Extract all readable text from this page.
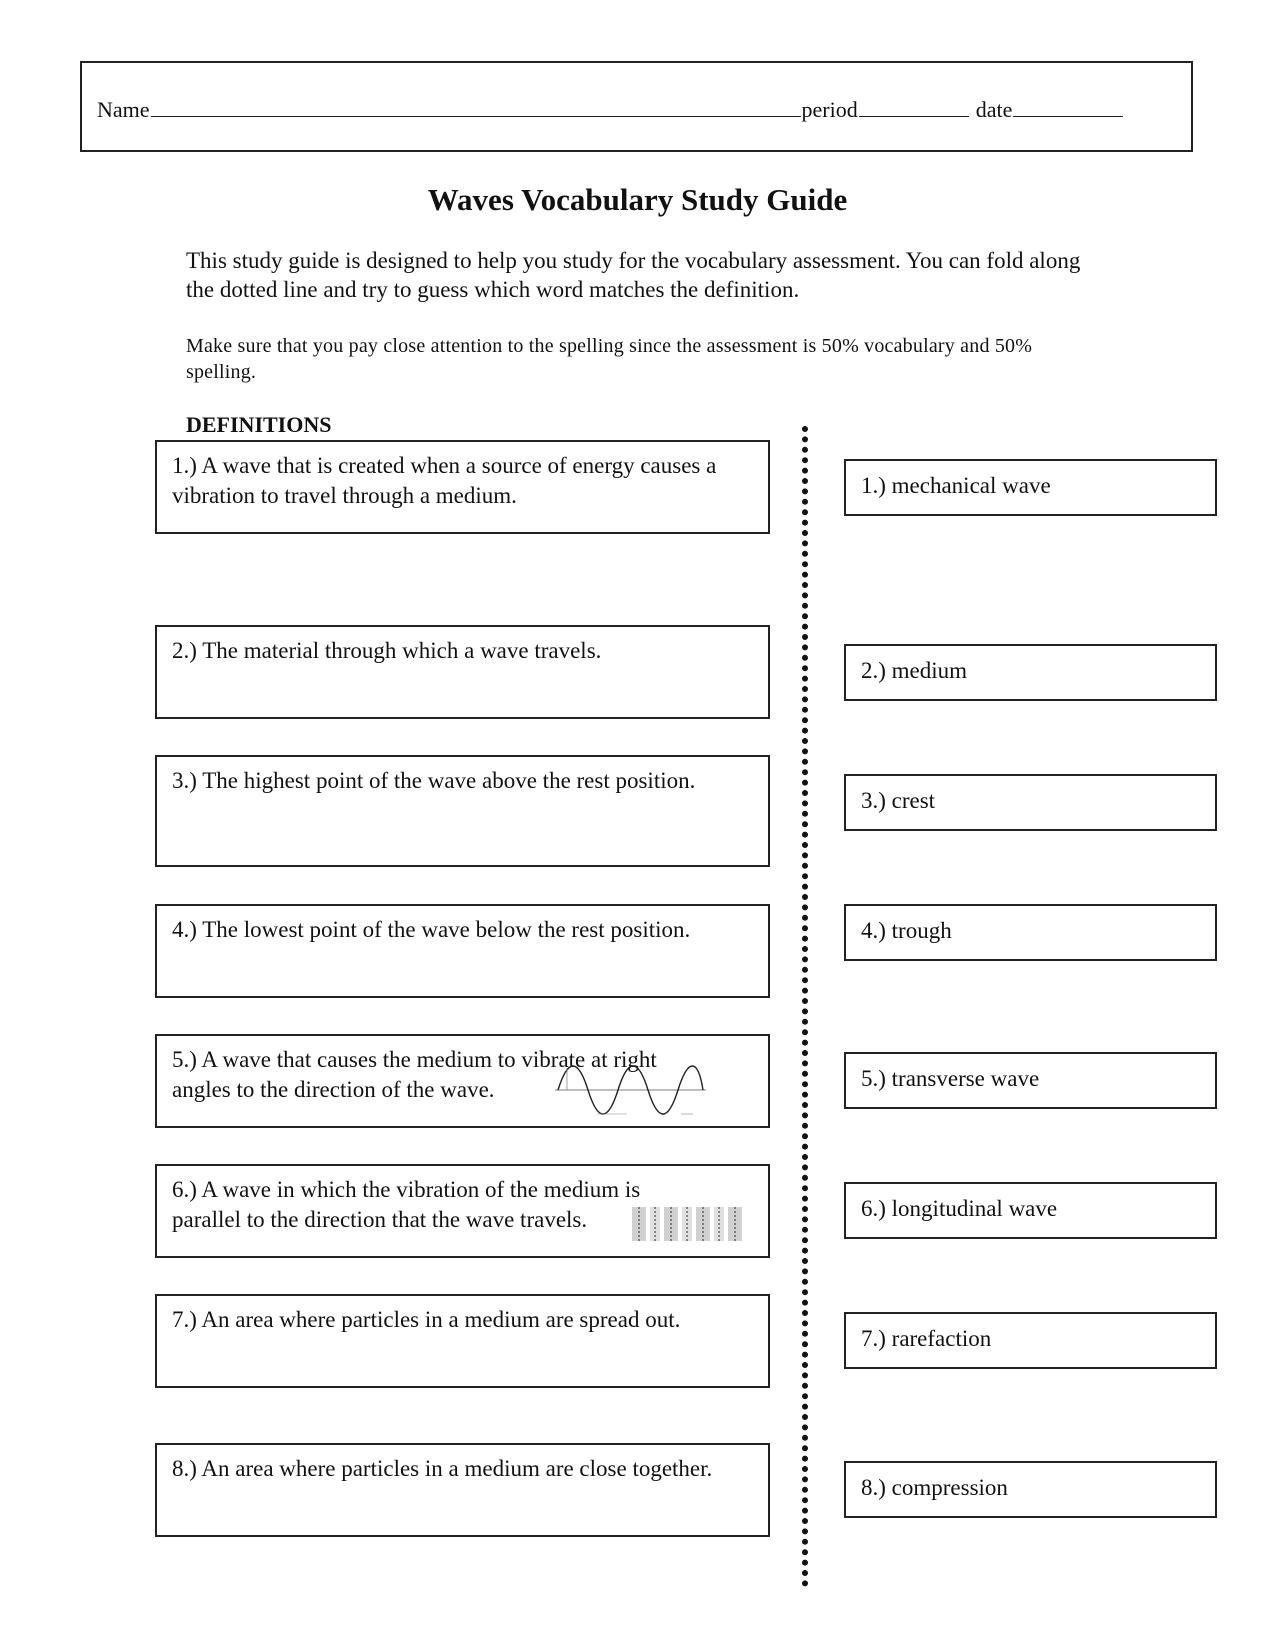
Name	period	date
Waves Vocabulary Study Guide
This study guide is designed to help you study for the vocabulary assessment. You can fold along the dotted line and try to guess which word matches the definition.
Make sure that you pay close attention to the spelling since the assessment is 50% vocabulary and 50% spelling.
DEFINITIONS
1.) A wave that is created when a source of energy causes a vibration to travel through a medium.
2.) The material through which a wave travels.
3.) The highest point of the wave above the rest position.
4.) The lowest point of the wave below the rest position.
5.) A wave that causes the medium to vibrate at right angles to the direction of the wave.
6.) A wave in which the vibration of the medium is parallel to the direction that the wave travels.
7.) An area where particles in a medium are spread out.
8.) An area where particles in a medium are close together.
1.) mechanical wave
2.) medium
3.) crest
4.) trough
5.) transverse wave
6.) longitudinal wave
7.) rarefaction
8.) compression
